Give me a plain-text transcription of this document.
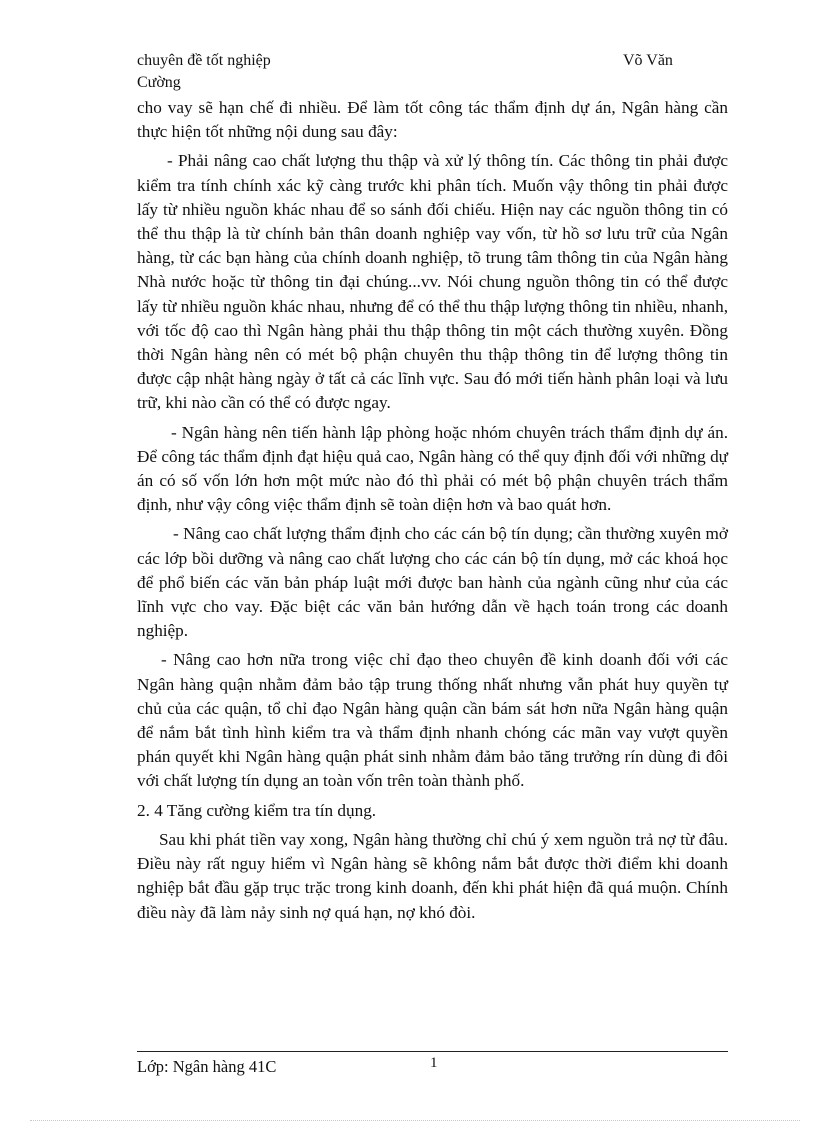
chuyên đề tốt nghiệp
Cường
Võ Văn

cho vay sẽ hạn chế đi nhiều. Để làm tốt công tác thẩm định dự án, Ngân hàng cần thực hiện tốt những nội dung sau đây:

- Phải nâng cao chất lượng thu thập và xử lý thông tín. Các thông tin phải được kiểm tra tính chính xác kỹ càng trước khi phân tích. Muốn vậy thông tin phải được lấy từ nhiều nguồn khác nhau để so sánh đối chiếu. Hiện nay các nguồn thông tin có thể thu thập là từ chính bản thân doanh nghiệp vay vốn, từ hồ sơ lưu trữ của Ngân hàng, từ các bạn hàng của chính doanh nghiệp, tõ trung tâm thông tin của Ngân hàng Nhà nước hoặc từ thông tin đại chúng...vv. Nói chung nguồn thông tin có thể được lấy từ nhiều nguồn khác nhau, nhưng để có thể thu thập lượng thông tin nhiều, nhanh, với tốc độ cao thì Ngân hàng phải thu thập thông tin một cách thường xuyên. Đồng thời Ngân hàng nên có mét bộ phận chuyên thu thập thông tin để lượng thông tin được cập nhật hàng ngày ở tất cả các lĩnh vực. Sau đó mới tiến hành phân loại và lưu trữ, khi nào cần có thể có được ngay.

- Ngân hàng nên tiến hành lập phòng hoặc nhóm chuyên trách thẩm định dự án. Để công tác thẩm định đạt hiệu quả cao, Ngân hàng có thể quy định đối với những dự án có số vốn lớn hơn một mức nào đó thì phải có mét bộ phận chuyên trách thẩm định, như vậy công việc thẩm định sẽ toàn diện hơn và bao quát hơn.

- Nâng cao chất lượng thẩm định cho các cán bộ tín dụng; cần thường xuyên mở các lớp bồi dưỡng và nâng cao chất lượng cho các cán bộ tín dụng, mở các khoá học để phổ biến các văn bản pháp luật mới được ban hành của ngành cũng như của các lĩnh vực cho vay. Đặc biệt các văn bản hướng dẫn về hạch toán trong các doanh nghiệp.

- Nâng cao hơn nữa trong việc chỉ đạo theo chuyên đề kinh doanh đối với các Ngân hàng quận nhằm đảm bảo tập trung thống nhất nhưng vẫn phát huy quyền tự chủ của các quận, tổ chỉ đạo Ngân hàng quận cần bám sát hơn nữa Ngân hàng quận để nắm bắt tình hình kiểm tra và thẩm định nhanh chóng các mãn vay vượt quyền phán quyết khi Ngân hàng quận phát sinh nhằm đảm bảo tăng trưởng rín dùng đi đôi với chất lượng tín dụng an toàn vốn trên toàn thành phố.

2. 4 Tăng cường kiểm tra tín dụng.

Sau khi phát tiền vay xong, Ngân hàng thường chỉ chú ý xem nguồn trả nợ từ đâu. Điều này rất nguy hiểm vì Ngân hàng sẽ không nắm bắt được thời điểm khi doanh nghiệp bắt đầu gặp trục trặc trong kinh doanh, đến khi phát hiện đã quá muộn. Chính điều này đã làm nảy sinh nợ quá hạn, nợ khó đòi.

Lớp: Ngân hàng 41C	1
